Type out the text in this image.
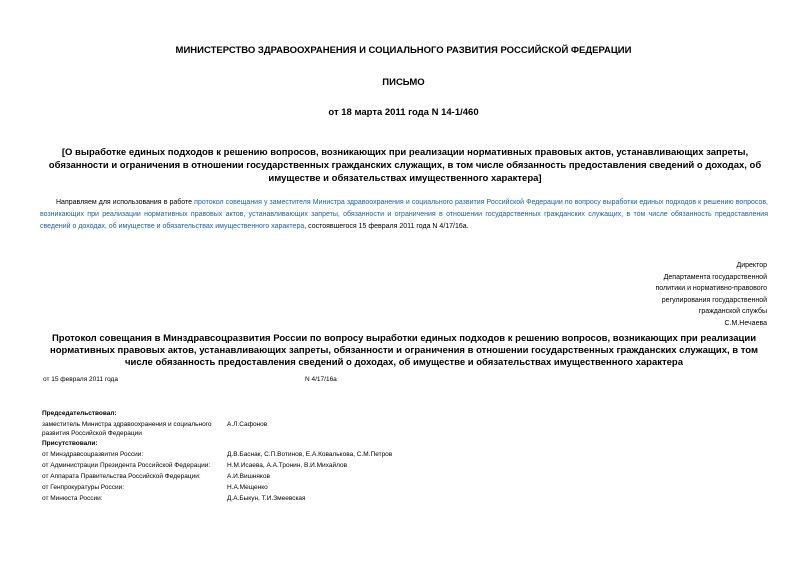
МИНИСТЕРСТВО ЗДРАВООХРАНЕНИЯ И СОЦИАЛЬНОГО РАЗВИТИЯ РОССИЙСКОЙ ФЕДЕРАЦИИ
ПИСЬМО
от 18 марта 2011 года N 14-1/460
[О выработке единых подходов к решению вопросов, возникающих при реализации нормативных правовых актов, устанавливающих запреты, обязанности и ограничения в отношении государственных гражданских служащих, в том числе обязанность предоставления сведений о доходах, об имуществе и обязательствах имущественного характера]
Направляем для использования в работе протокол совещания у заместителя Министра здравоохранения и социального развития Российской Федерации по вопросу выработки единых подходов к решению вопросов, возникающих при реализации нормативных правовых актов, устанавливающих запреты, обязанности и ограничения в отношении государственных гражданских служащих, в том числе обязанность предоставления сведений о доходах, об имуществе и обязательствах имущественного характера, состоявшегося 15 февраля 2011 года N 4/17/16а.
Директор
Департамента государственной
политики и нормативно-правового
регулирования государственной
гражданской службы
С.М.Нечаева
Протокол совещания в Минздравсоцразвития России по вопросу выработки единых подходов к решению вопросов, возникающих при реализации нормативных правовых актов, устанавливающих запреты, обязанности и ограничения в отношении государственных гражданских служащих, в том числе обязанность предоставления сведений о доходах, об имуществе и обязательствах имущественного характера
от 15 февраля 2011 года	N 4/17/16а
Председательствовал:
заместитель Министра здравоохранения и социального развития Российской Федерации
А.Л.Сафонов
Присутствовали:
от Минздравсоцразвития России:	Д.В.Баснак, С.П.Вотинов, Е.А.Ковалькова, С.М.Петров
от Администрации Президента Российской Федерации:	Н.М.Исаева, А.А.Тронин, В.И.Михайлов
от Аппарата Правительства Российской Федерации:	А.И.Вишняков
от Генпрокуратуры России:	Н.А.Мещенко
от Минюста России:	Д.А.Быкун, Т.И.Змеевская
